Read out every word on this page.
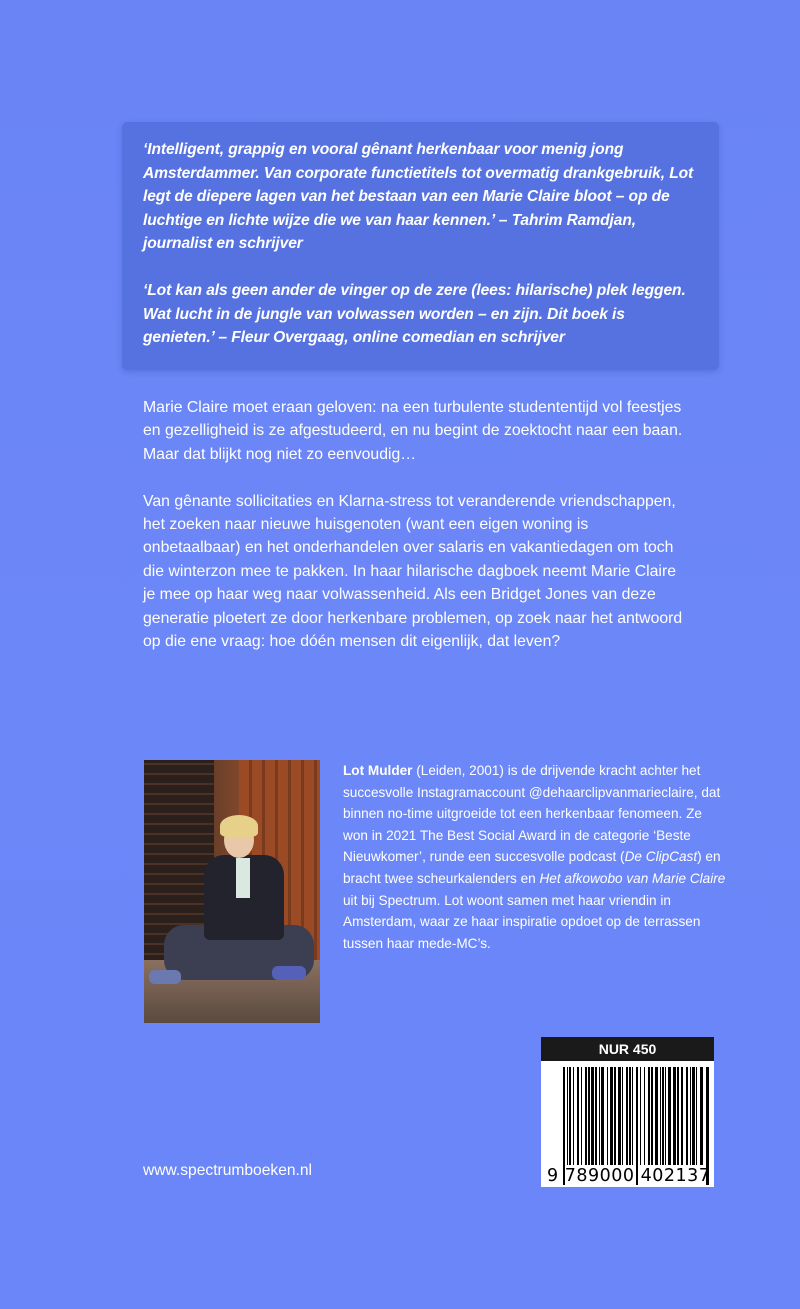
‘Intelligent, grappig en vooral gênant herkenbaar voor menig jong Amsterdammer. Van corporate functietitels tot overmatig drankgebruik, Lot legt de diepere lagen van het bestaan van een Marie Claire bloot – op de luchtige en lichte wijze die we van haar kennen.’ – Tahrim Ramdjan, journalist en schrijver

‘Lot kan als geen ander de vinger op de zere (lees: hilarische) plek leggen. Wat lucht in de jungle van volwassen worden – en zijn. Dit boek is genieten.’ – Fleur Overgaag, online comedian en schrijver

Marie Claire moet eraan geloven: na een turbulente studententijd vol feestjes en gezelligheid is ze afgestudeerd, en nu begint de zoektocht naar een baan. Maar dat blijkt nog niet zo eenvoudig…

Van gênante sollicitaties en Klarna-stress tot veranderende vriendschappen, het zoeken naar nieuwe huisgenoten (want een eigen woning is onbetaalbaar) en het onderhandelen over salaris en vakantiedagen om toch die winterzon mee te pakken. In haar hilarische dagboek neemt Marie Claire je mee op haar weg naar volwassenheid. Als een Bridget Jones van deze generatie ploetert ze door herkenbare problemen, op zoek naar het antwoord op die ene vraag: hoe dóén mensen dit eigenlijk, dat leven?

Lot Mulder (Leiden, 2001) is de drijvende kracht achter het succesvolle Instagramaccount @dehaarclipvanmarieclaire, dat binnen no-time uitgroeide tot een herkenbaar fenomeen. Ze won in 2021 The Best Social Award in de categorie ‘Beste Nieuwkomer’, runde een succesvolle podcast (De ClipCast) en bracht twee scheurkalenders en Het afkowobo van Marie Claire uit bij Spectrum. Lot woont samen met haar vriendin in Amsterdam, waar ze haar inspiratie opdoet op de terrassen tussen haar mede-MC’s.

NUR 450
9 789000 402137
www.spectrumboeken.nl
